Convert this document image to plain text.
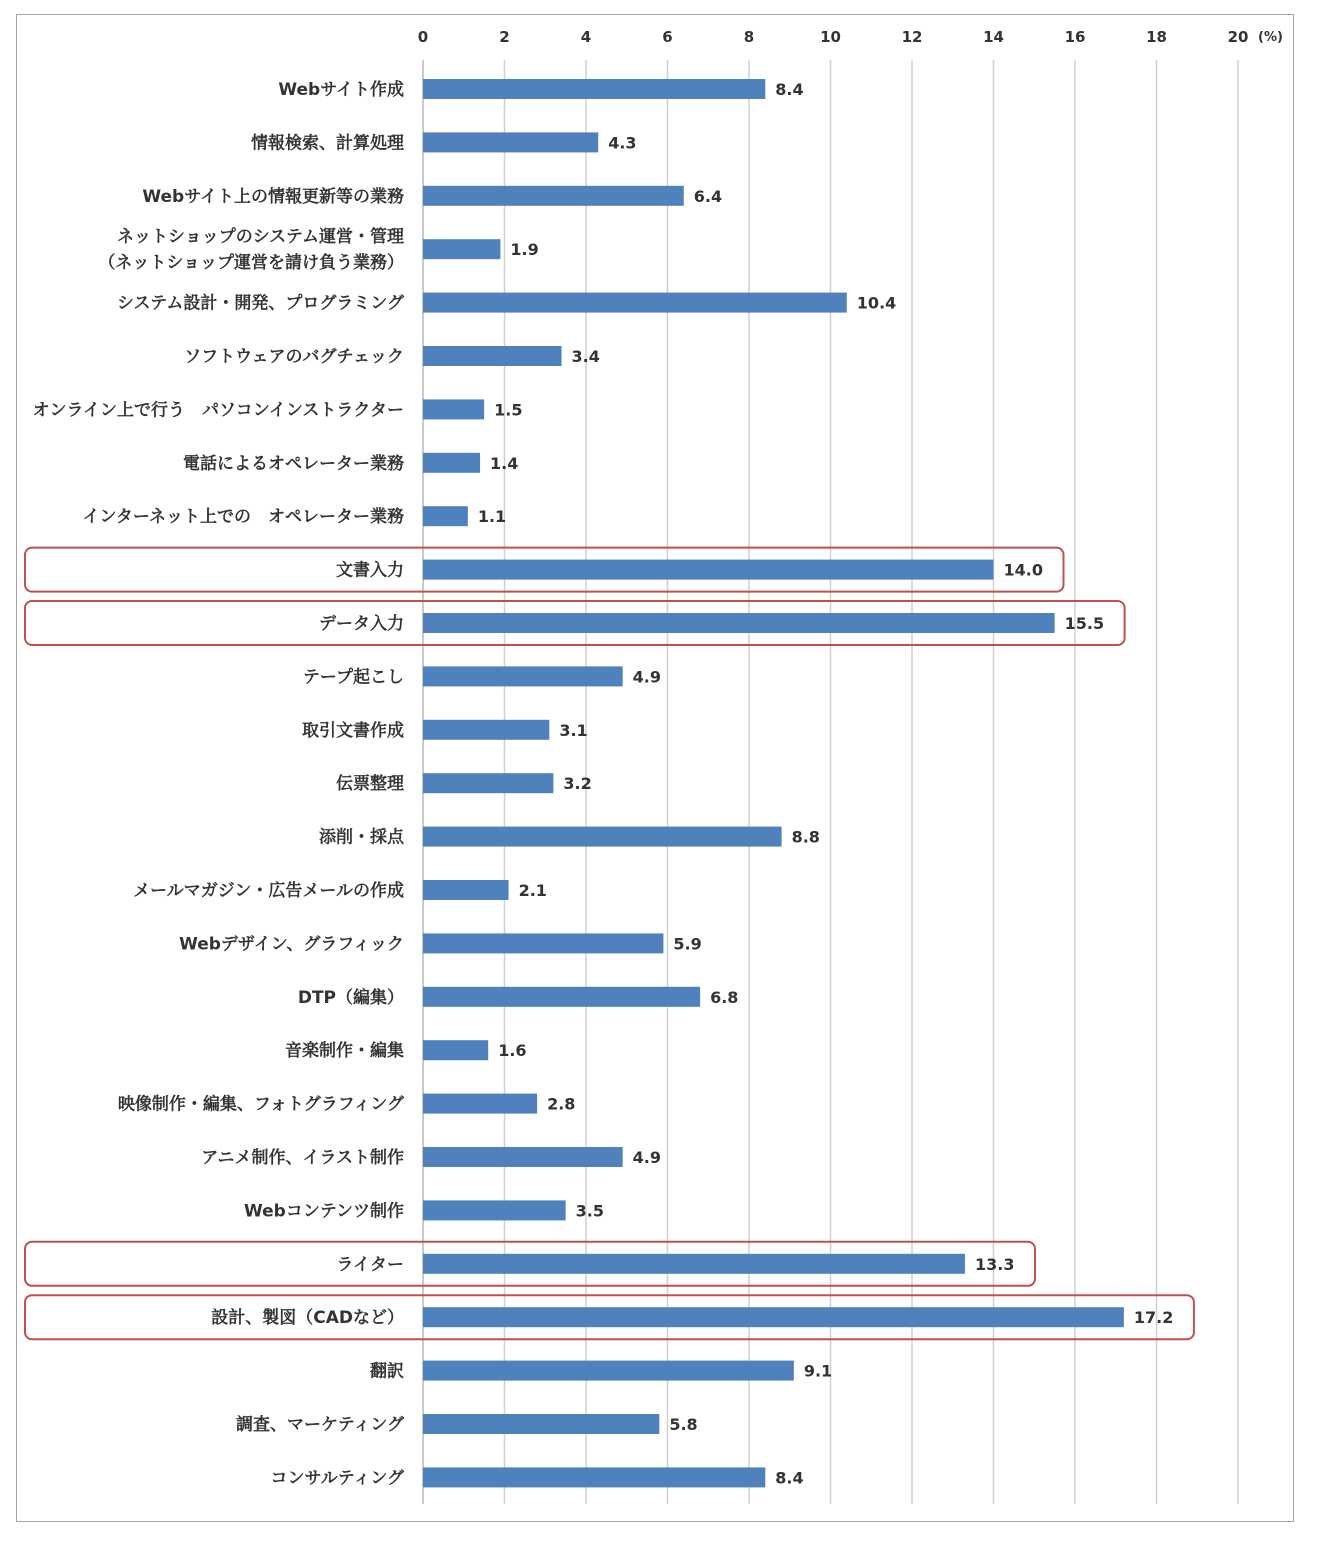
0	2	4	6	8	10	12	14	16	18	20
8.4
Webサイト作成
4.3
情報検索、計算処理
6.4
Webサイト上の情報更新等の業務
1.9
ネットショップのシステム運営・管理（ネットショップ運営を請け負う業務）
10.4
システム設計・開発、プログラミング
3.4
ソフトウェアのバグチェック
1.5
オンライン上で行う　パソコンインストラクター
1.4
電話によるオペレーター業務
1.1
インターネット上での　オペレーター業務
14.0
文書入力
15.5
データ入力
4.9
テープ起こし
3.1
取引文書作成
3.2
伝票整理
8.8
添削・採点
2.1
メールマガジン・広告メールの作成
5.9
Webデザイン、グラフィック
6.8
DTP（編集）
1.6
音楽制作・編集
2.8
映像制作・編集、フォトグラフィング
4.9
アニメ制作、イラスト制作
3.5
Webコンテンツ制作
13.3
ライター
17.2
設計、製図（CADなど）
9.1
翻訳
5.8
調査、マーケティング
8.4
コンサルティング
(%)
